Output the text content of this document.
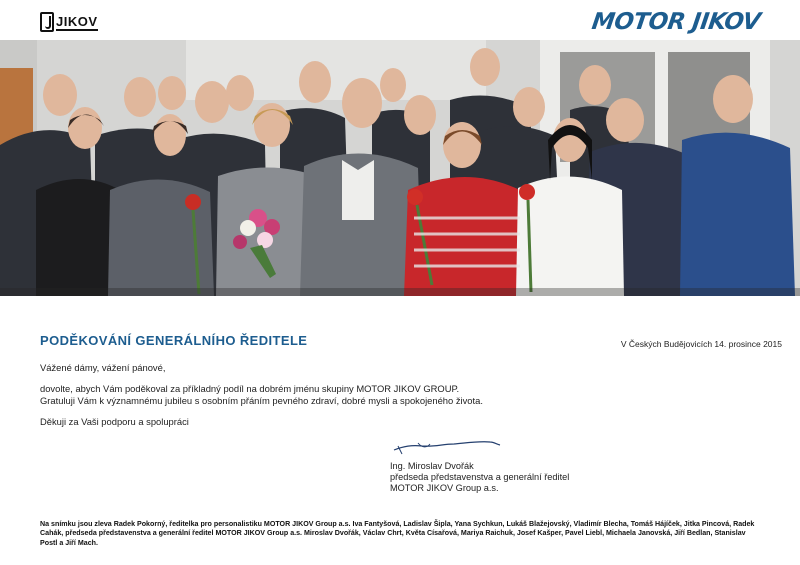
JIKOV	MOTOR JIKOV
PODĚKOVÁNÍ GENERÁLNÍHO ŘEDITELE	V Českých Budějovicích 14. prosince 2015
Vážené dámy, vážení pánové,
dovolte, abych Vám poděkoval za příkladný podíl na dobrém jménu skupiny MOTOR JIKOV GROUP.
Gratuluji Vám k významnému jubileu s osobním přáním pevného zdraví, dobré mysli a spokojeného života.
Děkuji za Vaši podporu a spolupráci
Ing. Miroslav Dvořák
předseda představenstva a generální ředitel
MOTOR JIKOV Group a.s.
Na snímku jsou zleva Radek Pokorný, ředitelka pro personalistiku MOTOR JIKOV Group a.s. Iva Fantyšová, Ladislav Šipla, Yana Sychkun, Lukáš Blažejovský, Vladimír Blecha, Tomáš Hájíček, Jitka Pincová, Radek Cahák, předseda představenstva a generální ředitel MOTOR JIKOV Group a.s. Miroslav Dvořák, Václav Chrt, Květa Císařová, Mariya Raichuk, Josef Kašper, Pavel Liebl, Michaela Janovská, Jiří Bedlan, Stanislav Postl a Jiří Mach.
